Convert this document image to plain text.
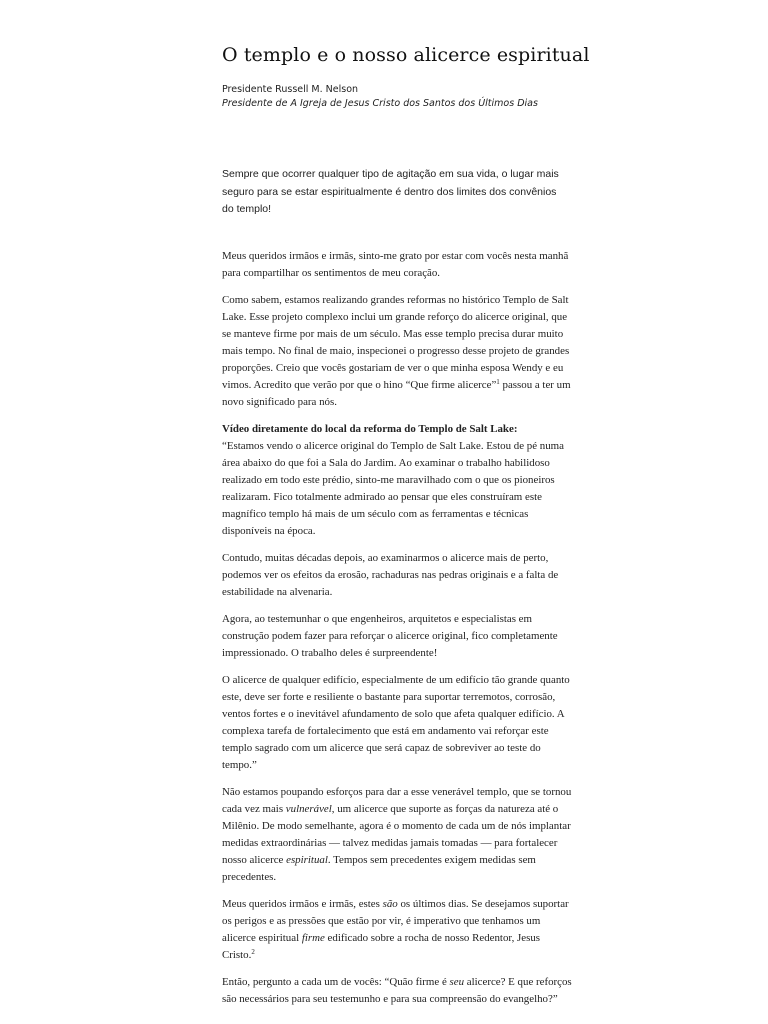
O templo e o nosso alicerce espiritual
Presidente Russell M. Nelson
Presidente de A Igreja de Jesus Cristo dos Santos dos Últimos Dias
Sempre que ocorrer qualquer tipo de agitação em sua vida, o lugar mais seguro para se estar espiritualmente é dentro dos limites dos convênios do templo!

Meus queridos irmãos e irmãs, sinto-me grato por estar com vocês nesta manhã para compartilhar os sentimentos de meu coração.

Como sabem, estamos realizando grandes reformas no histórico Templo de Salt Lake. Esse projeto complexo inclui um grande reforço do alicerce original, que se manteve firme por mais de um século. Mas esse templo precisa durar muito mais tempo. No final de maio, inspecionei o progresso desse projeto de grandes proporções. Creio que vocês gostariam de ver o que minha esposa Wendy e eu vimos. Acredito que verão por que o hino “Que firme alicerce”$^1$ passou a ter um novo significado para nós.

Vídeo diretamente do local da reforma do Templo de Salt Lake:
“Estamos vendo o alicerce original do Templo de Salt Lake. Estou de pé numa área abaixo do que foi a Sala do Jardim. Ao examinar o trabalho habilidoso realizado em todo este prédio, sinto-me maravilhado com o que os pioneiros realizaram. Fico totalmente admirado ao pensar que eles construíram este magnífico templo há mais de um século com as ferramentas e técnicas disponíveis na época.

Contudo, muitas décadas depois, ao examinarmos o alicerce mais de perto, podemos ver os efeitos da erosão, rachaduras nas pedras originais e a falta de estabilidade na alvenaria.

Agora, ao testemunhar o que engenheiros, arquitetos e especialistas em construção podem fazer para reforçar o alicerce original, fico completamente impressionado. O trabalho deles é surpreendente!

O alicerce de qualquer edifício, especialmente de um edifício tão grande quanto este, deve ser forte e resiliente o bastante para suportar terremotos, corrosão, ventos fortes e o inevitável afundamento de solo que afeta qualquer edifício. A complexa tarefa de fortalecimento que está em andamento vai reforçar este templo sagrado com um alicerce que será capaz de sobreviver ao teste do tempo.”

Não estamos poupando esforços para dar a esse venerável templo, que se tornou cada vez mais vulnerável, um alicerce que suporte as forças da natureza até o Milênio. De modo semelhante, agora é o momento de cada um de nós implantar medidas extraordinárias — talvez medidas jamais tomadas — para fortalecer nosso alicerce espiritual. Tempos sem precedentes exigem medidas sem precedentes.

Meus queridos irmãos e irmãs, estes são os últimos dias. Se desejamos suportar os perigos e as pressões que estão por vir, é imperativo que tenhamos um alicerce espiritual firme edificado sobre a rocha de nosso Redentor, Jesus Cristo.$^2$

Então, pergunto a cada um de vocês: “Quão firme é seu alicerce? E que reforços são necessários para seu testemunho e para sua compreensão do evangelho?”
